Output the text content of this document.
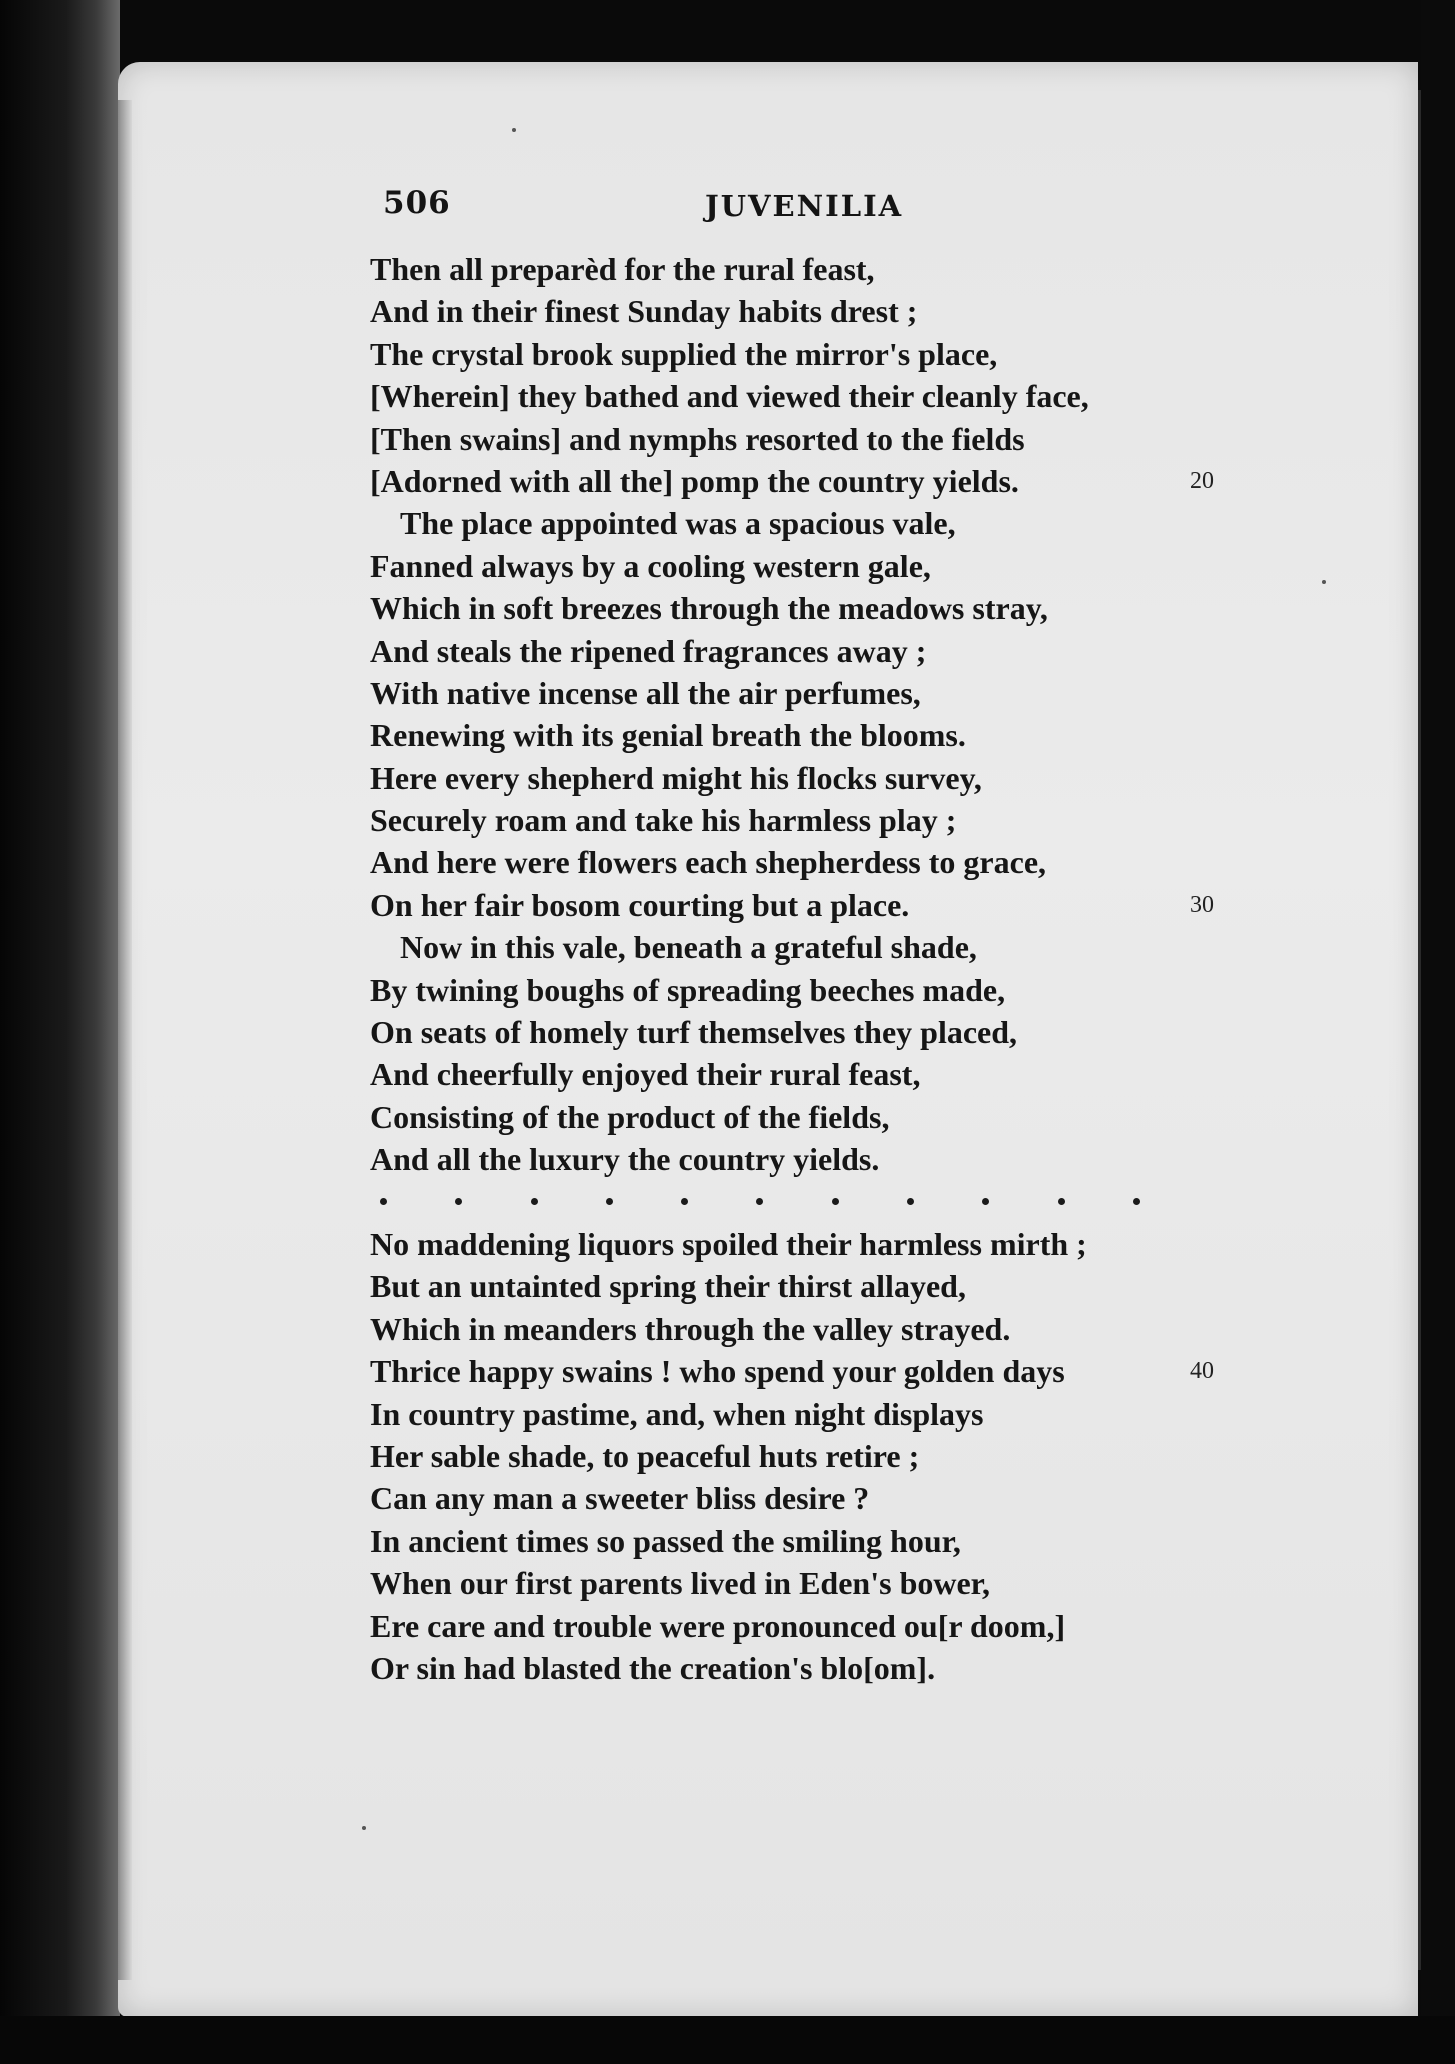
506	JUVENILIA
Then all preparèd for the rural feast,
And in their finest Sunday habits drest ;
The crystal brook supplied the mirror's place,
[Wherein] they bathed and viewed their cleanly face,
[Then swains] and nymphs resorted to the fields
[Adorned with all the] pomp the country yields.	20
The place appointed was a spacious vale,
Fanned always by a cooling western gale,
Which in soft breezes through the meadows stray,
And steals the ripened fragrances away ;
With native incense all the air perfumes,
Renewing with its genial breath the blooms.
Here every shepherd might his flocks survey,
Securely roam and take his harmless play ;
And here were flowers each shepherdess to grace,
On her fair bosom courting but a place.	30
Now in this vale, beneath a grateful shade,
By twining boughs of spreading beeches made,
On seats of homely turf themselves they placed,
And cheerfully enjoyed their rural feast,
Consisting of the product of the fields,
And all the luxury the country yields.
No maddening liquors spoiled their harmless mirth ;
But an untainted spring their thirst allayed,
Which in meanders through the valley strayed.
Thrice happy swains ! who spend your golden days	40
In country pastime, and, when night displays
Her sable shade, to peaceful huts retire ;
Can any man a sweeter bliss desire ?
In ancient times so passed the smiling hour,
When our first parents lived in Eden's bower,
Ere care and trouble were pronounced ou[r doom,]
Or sin had blasted the creation's blo[om].
